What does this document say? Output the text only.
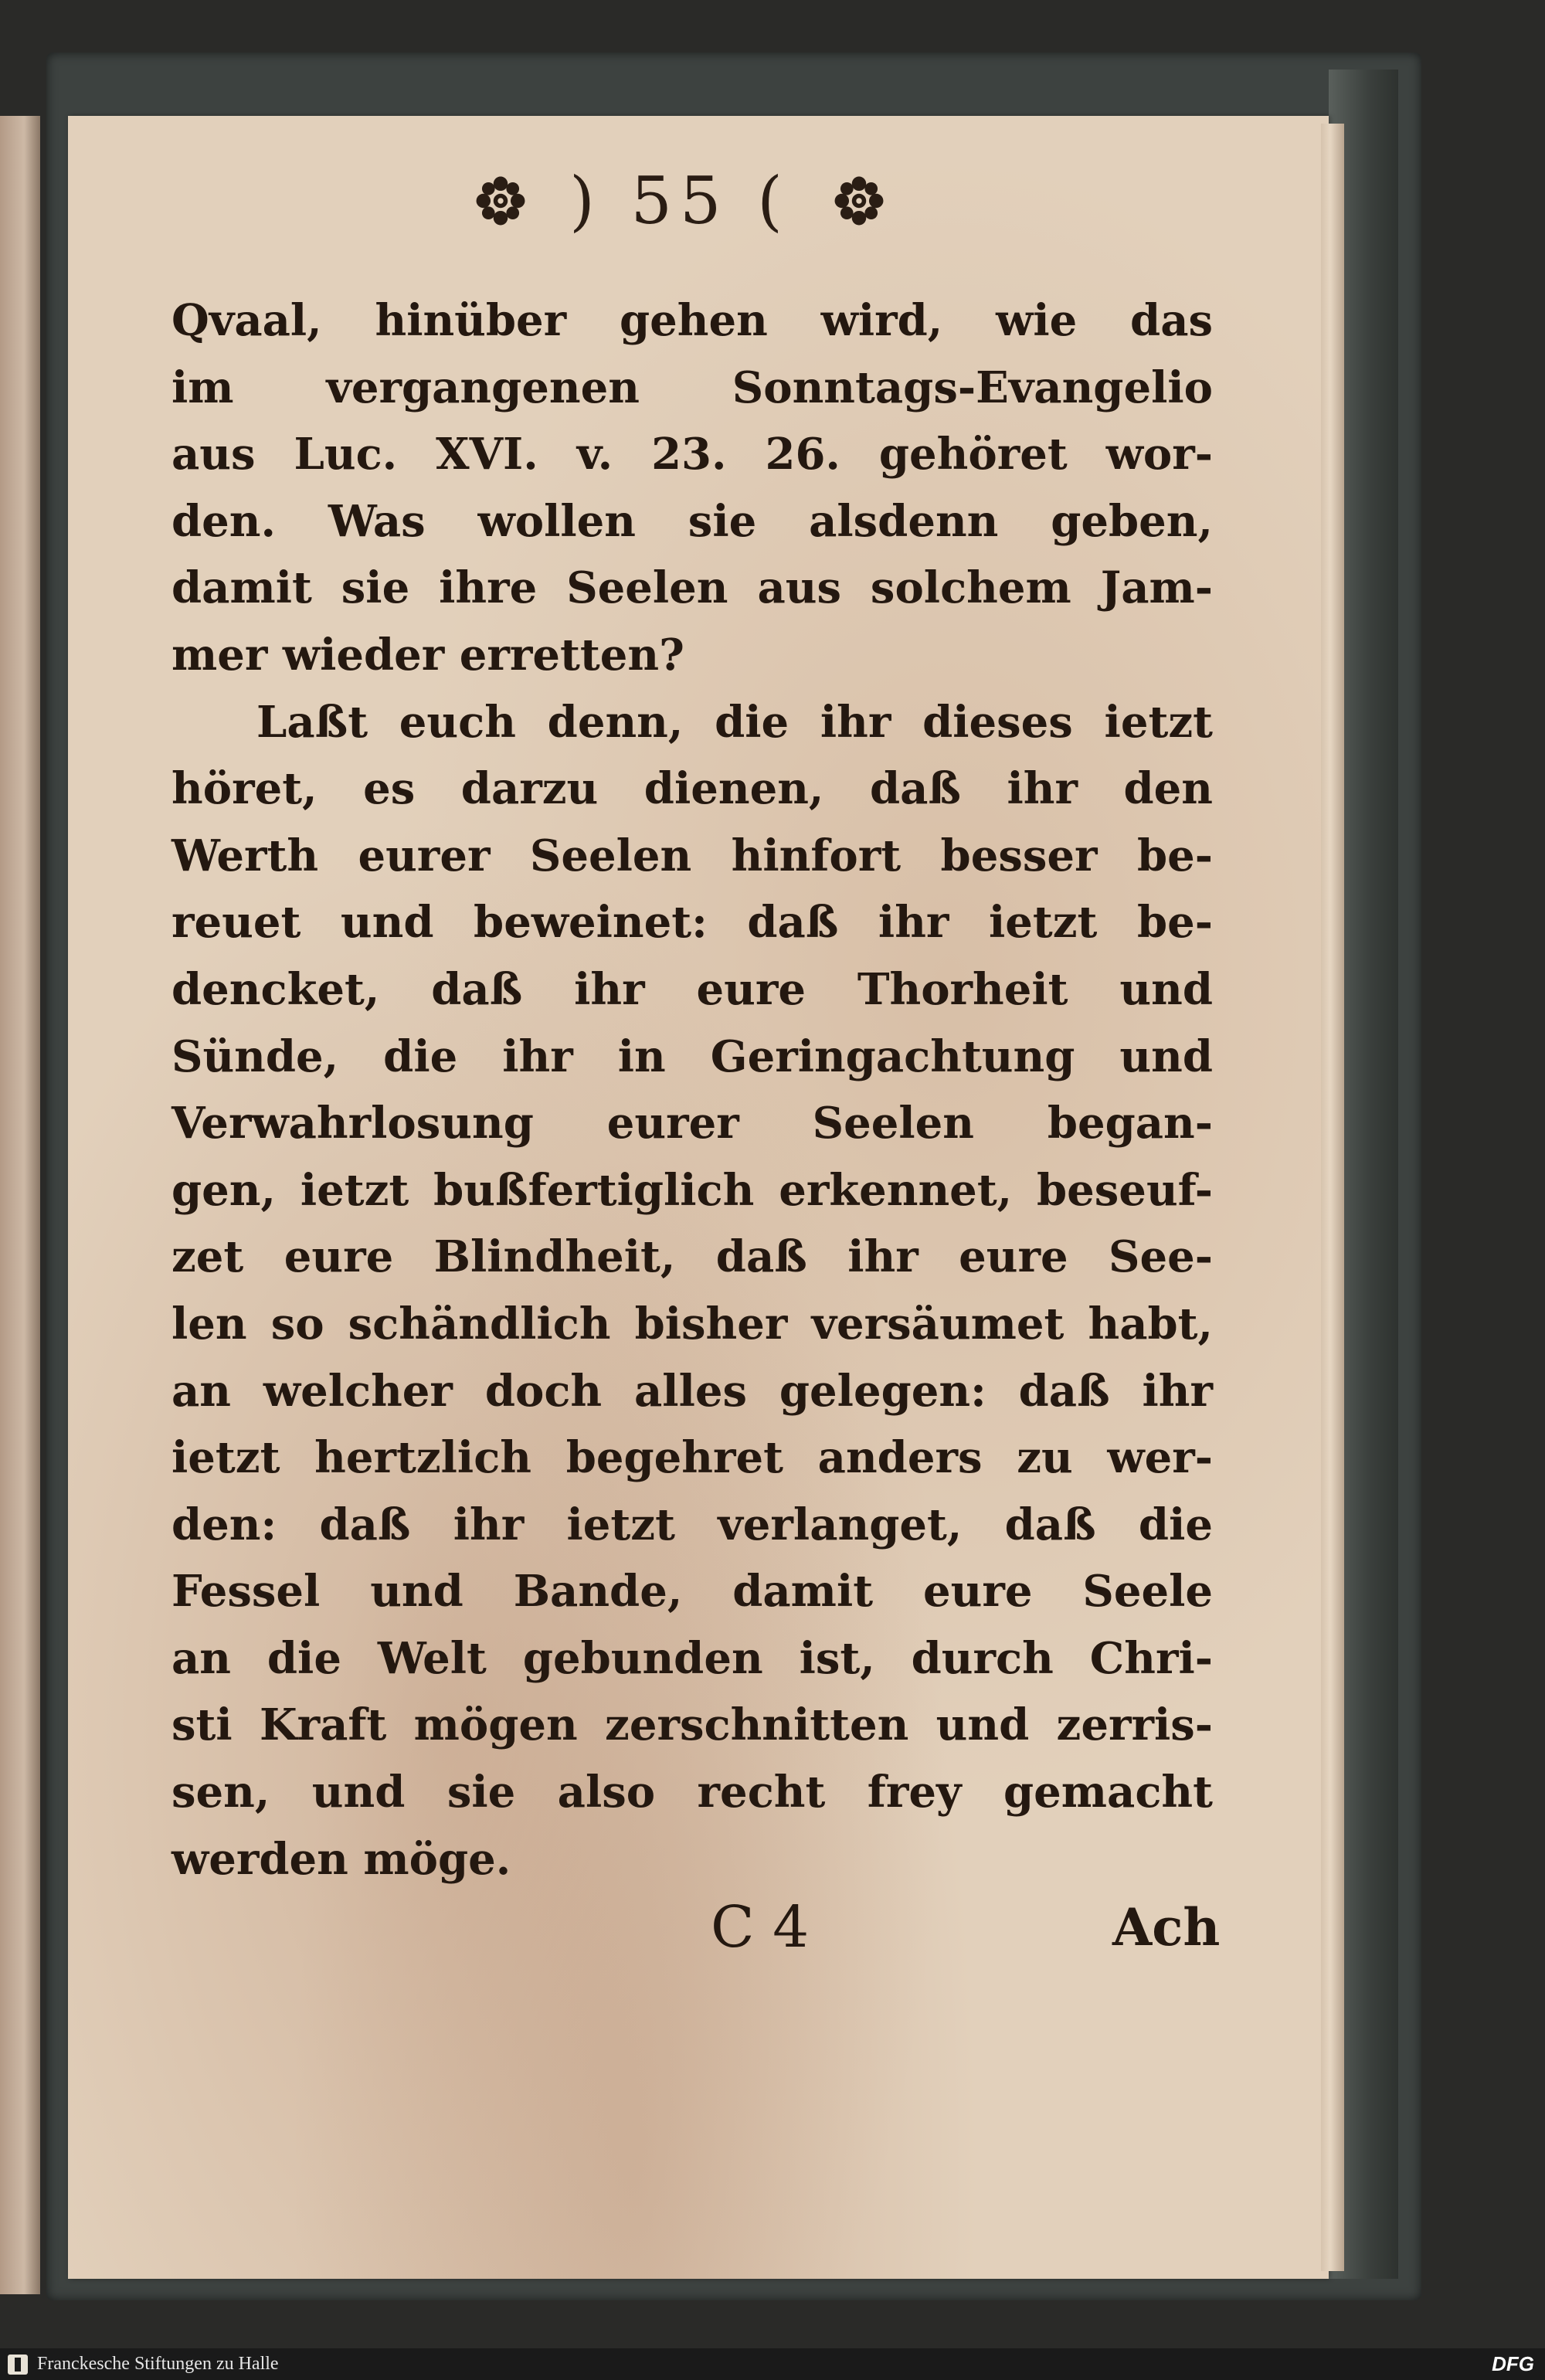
) 55 (
Qvaal, hinüber gehen wird, wie das
im vergangenen Sonntags-Evangelio
aus Luc. XVI. v. 23. 26. gehöret wor-
den. Was wollen sie alsdenn geben,
damit sie ihre Seelen aus solchem Jam-
mer wieder erretten?
Laßt euch denn, die ihr dieses ietzt
höret, es darzu dienen, daß ihr den
Werth eurer Seelen hinfort besser be-
reuet und beweinet: daß ihr ietzt be-
dencket, daß ihr eure Thorheit und
Sünde, die ihr in Geringachtung und
Verwahrlosung eurer Seelen began-
gen, ietzt bußfertiglich erkennet, beseuf-
zet eure Blindheit, daß ihr eure See-
len so schändlich bisher versäumet habt,
an welcher doch alles gelegen: daß ihr
ietzt hertzlich begehret anders zu wer-
den: daß ihr ietzt verlanget, daß die
Fessel und Bande, damit eure Seele
an die Welt gebunden ist, durch Chri-
sti Kraft mögen zerschnitten und zerris-
sen, und sie also recht frey gemacht
werden möge.
C 4	Ach
Franckesche Stiftungen zu Halle	DFG
